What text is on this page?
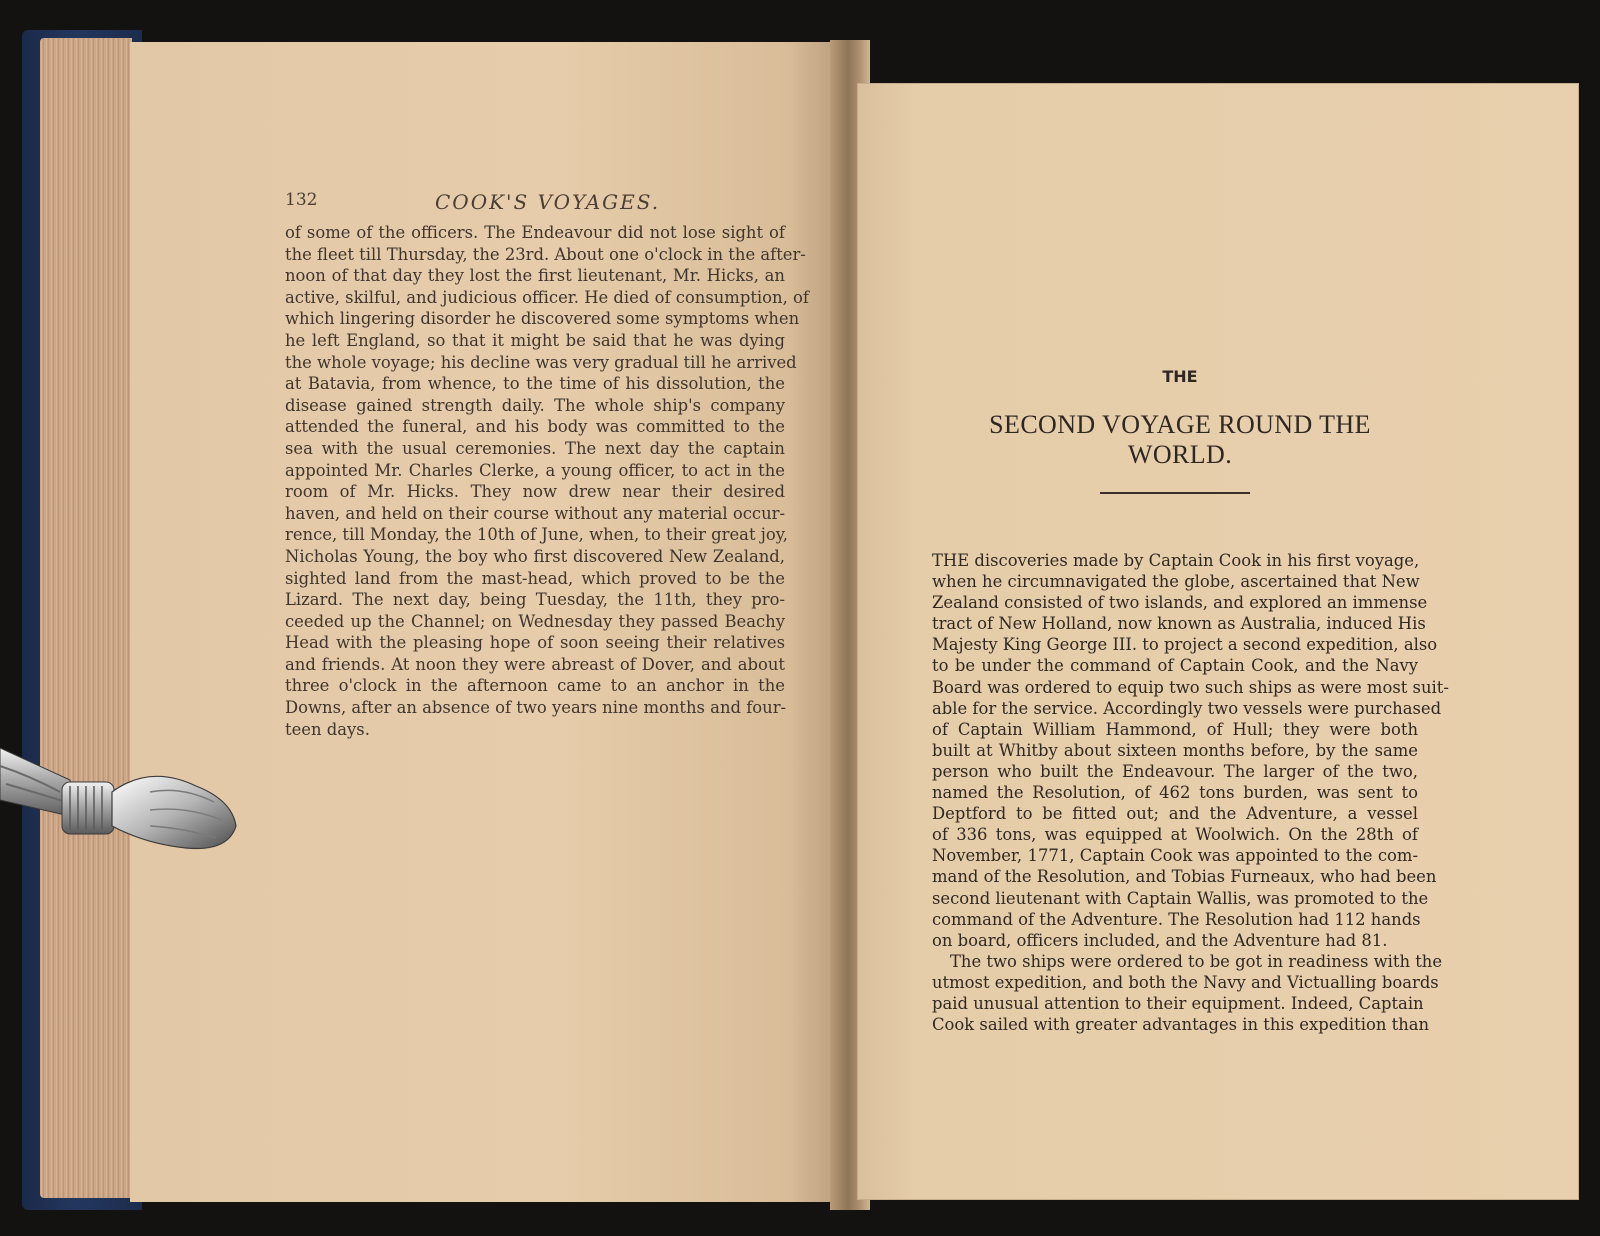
132	COOK'S VOYAGES.

of some of the officers. The Endeavour did not lose sight of
the fleet till Thursday, the 23rd. About one o'clock in the after-
noon of that day they lost the first lieutenant, Mr. Hicks, an
active, skilful, and judicious officer. He died of consumption, of
which lingering disorder he discovered some symptoms when
he left England, so that it might be said that he was dying
the whole voyage; his decline was very gradual till he arrived
at Batavia, from whence, to the time of his dissolution, the
disease gained strength daily. The whole ship's company
attended the funeral, and his body was committed to the
sea with the usual ceremonies. The next day the captain
appointed Mr. Charles Clerke, a young officer, to act in the
room of Mr. Hicks. They now drew near their desired
haven, and held on their course without any material occur-
rence, till Monday, the 10th of June, when, to their great joy,
Nicholas Young, the boy who first discovered New Zealand,
sighted land from the mast-head, which proved to be the
Lizard. The next day, being Tuesday, the 11th, they pro-
ceeded up the Channel; on Wednesday they passed Beachy
Head with the pleasing hope of soon seeing their relatives
and friends. At noon they were abreast of Dover, and about
three o'clock in the afternoon came to an anchor in the
Downs, after an absence of two years nine months and four-
teen days.

THE
SECOND VOYAGE ROUND THE WORLD.

THE discoveries made by Captain Cook in his first voyage,
when he circumnavigated the globe, ascertained that New
Zealand consisted of two islands, and explored an immense
tract of New Holland, now known as Australia, induced His
Majesty King George III. to project a second expedition, also
to be under the command of Captain Cook, and the Navy
Board was ordered to equip two such ships as were most suit-
able for the service. Accordingly two vessels were purchased
of Captain William Hammond, of Hull; they were both
built at Whitby about sixteen months before, by the same
person who built the Endeavour. The larger of the two,
named the Resolution, of 462 tons burden, was sent to
Deptford to be fitted out; and the Adventure, a vessel
of 336 tons, was equipped at Woolwich. On the 28th of
November, 1771, Captain Cook was appointed to the com-
mand of the Resolution, and Tobias Furneaux, who had been
second lieutenant with Captain Wallis, was promoted to the
command of the Adventure. The Resolution had 112 hands
on board, officers included, and the Adventure had 81.
The two ships were ordered to be got in readiness with the
utmost expedition, and both the Navy and Victualling boards
paid unusual attention to their equipment. Indeed, Captain
Cook sailed with greater advantages in this expedition than
